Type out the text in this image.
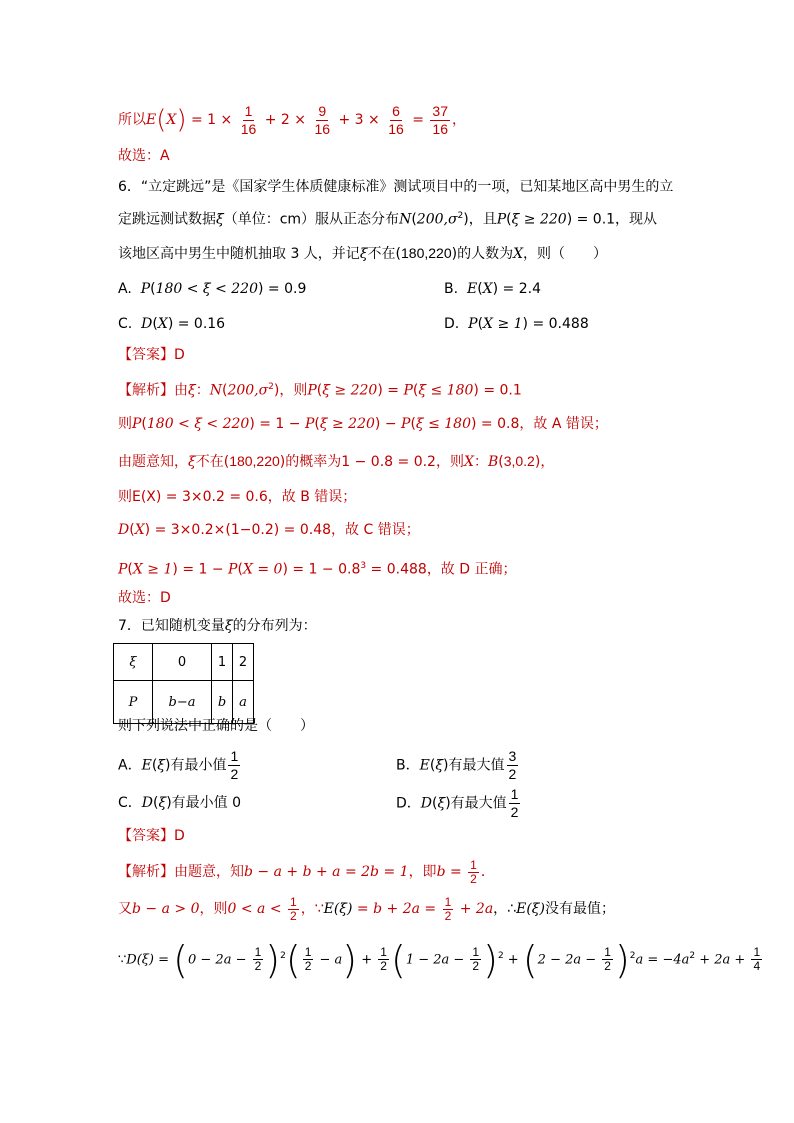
所以$E(X) = 1 \times \frac{1}{16} + 2 \times \frac{9}{16} + 3 \times \frac{6}{16} = \frac{37}{16}$ ，
故选：A
6．“立定跳远”是《国家学生体质健康标准》测试项目中的一项，已知某地区高中男生的立
定跳远测试数据ξ（单位：cm）服从正态分布$N(200,\sigma^2)$，且P(ξ ≥ 220) = 0.1，现从
该地区高中男生中随机抽取 3 人，并记ξ不在(180,220)的人数为X，则（　　）
A. P(180 < ξ < 220) = 0.9	B. E(X) = 2.4
C. D(X) = 0.16	D. P(X ≥ 1) = 0.488
【答案】D
【解析】由ξ：$N(200,\sigma^2)$，则P(ξ ≥ 220) = P(ξ ≤ 180) = 0.1
则P(180 < ξ < 220) = 1 − P(ξ ≥ 220) − P(ξ ≤ 180) = 0.8，故 A 错误；
由题意知，ξ不在(180,220)的概率为1 − 0.8 = 0.2，则X：B(3,0.2)，
则E(X) = 3×0.2 = 0.6，故 B 错误；
D(X) = 3×0.2×(1−0.2) = 0.48，故 C 错误；
$P(X \ge 1) = 1 - P(X = 0) = 1 - 0.8^3 = 0.488$，故 D 正确；
故选：D
7．已知随机变量ξ的分布列为：
ξ	0	1	2
P	b−a	b	a
则下列说法中正确的是（　　）
A．E(ξ)有最小值 $\frac{1}{2}$	B．E(ξ)有最大值 $\frac{3}{2}$
C．D(ξ)有最小值 0	D．D(ξ)有最大值 $\frac{1}{2}$
【答案】D
【解析】由题意，知b − a + b + a = 2b = 1，即$b = \frac{1}{2}$ ．
又b − a > 0，则$0 < a < \frac{1}{2}$ ，∵E(ξ) = $b + 2a = \frac{1}{2} + 2a$，∴E(ξ)没有最值；
∵D(ξ) = $(0 - 2a - \frac{1}{2} )^2( \frac{1}{2} - a) + \frac{1}{2} (1 - 2a - \frac{1}{2} )^2 + (2 - 2a - \frac{1}{2} )^2a = -4a^2 + 2a + \frac{1}{4}$
